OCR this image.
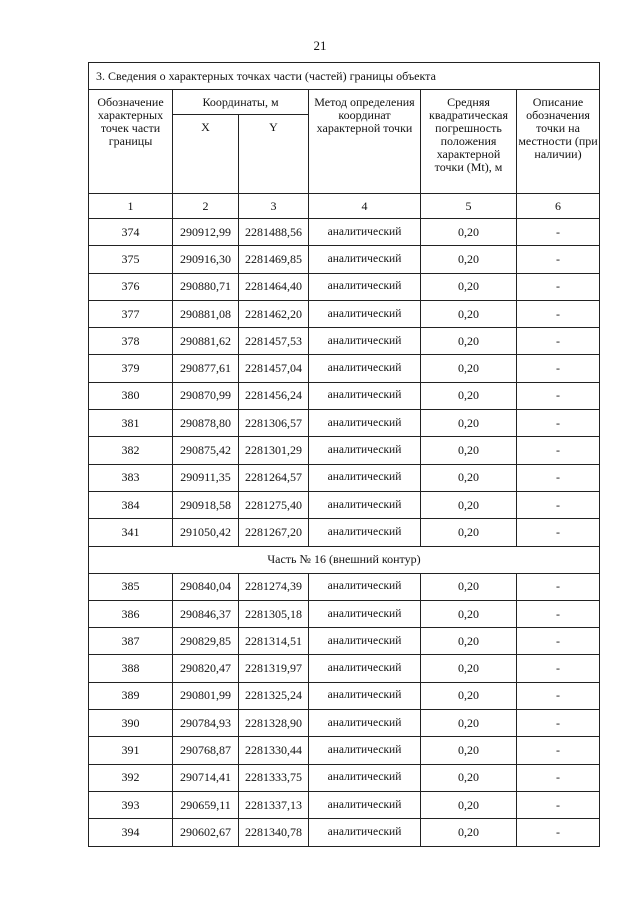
21
3. Сведения о характерных точках части (частей) границы объекта					
Обозначение характерных точек части границы	Координаты, м		Метод определения координат характерной точки	Средняя квадратическая погрешность положения характерной точки (Mt), м	Описание обозначения точки на местности (при наличии)
	X	Y			
1	2	3	4	5	6
374	290912,99	2281488,56	аналитический	0,20	-
375	290916,30	2281469,85	аналитический	0,20	-
376	290880,71	2281464,40	аналитический	0,20	-
377	290881,08	2281462,20	аналитический	0,20	-
378	290881,62	2281457,53	аналитический	0,20	-
379	290877,61	2281457,04	аналитический	0,20	-
380	290870,99	2281456,24	аналитический	0,20	-
381	290878,80	2281306,57	аналитический	0,20	-
382	290875,42	2281301,29	аналитический	0,20	-
383	290911,35	2281264,57	аналитический	0,20	-
384	290918,58	2281275,40	аналитический	0,20	-
341	291050,42	2281267,20	аналитический	0,20	-
Часть № 16 (внешний контур)					
385	290840,04	2281274,39	аналитический	0,20	-
386	290846,37	2281305,18	аналитический	0,20	-
387	290829,85	2281314,51	аналитический	0,20	-
388	290820,47	2281319,97	аналитический	0,20	-
389	290801,99	2281325,24	аналитический	0,20	-
390	290784,93	2281328,90	аналитический	0,20	-
391	290768,87	2281330,44	аналитический	0,20	-
392	290714,41	2281333,75	аналитический	0,20	-
393	290659,11	2281337,13	аналитический	0,20	-
394	290602,67	2281340,78	аналитический	0,20	-
